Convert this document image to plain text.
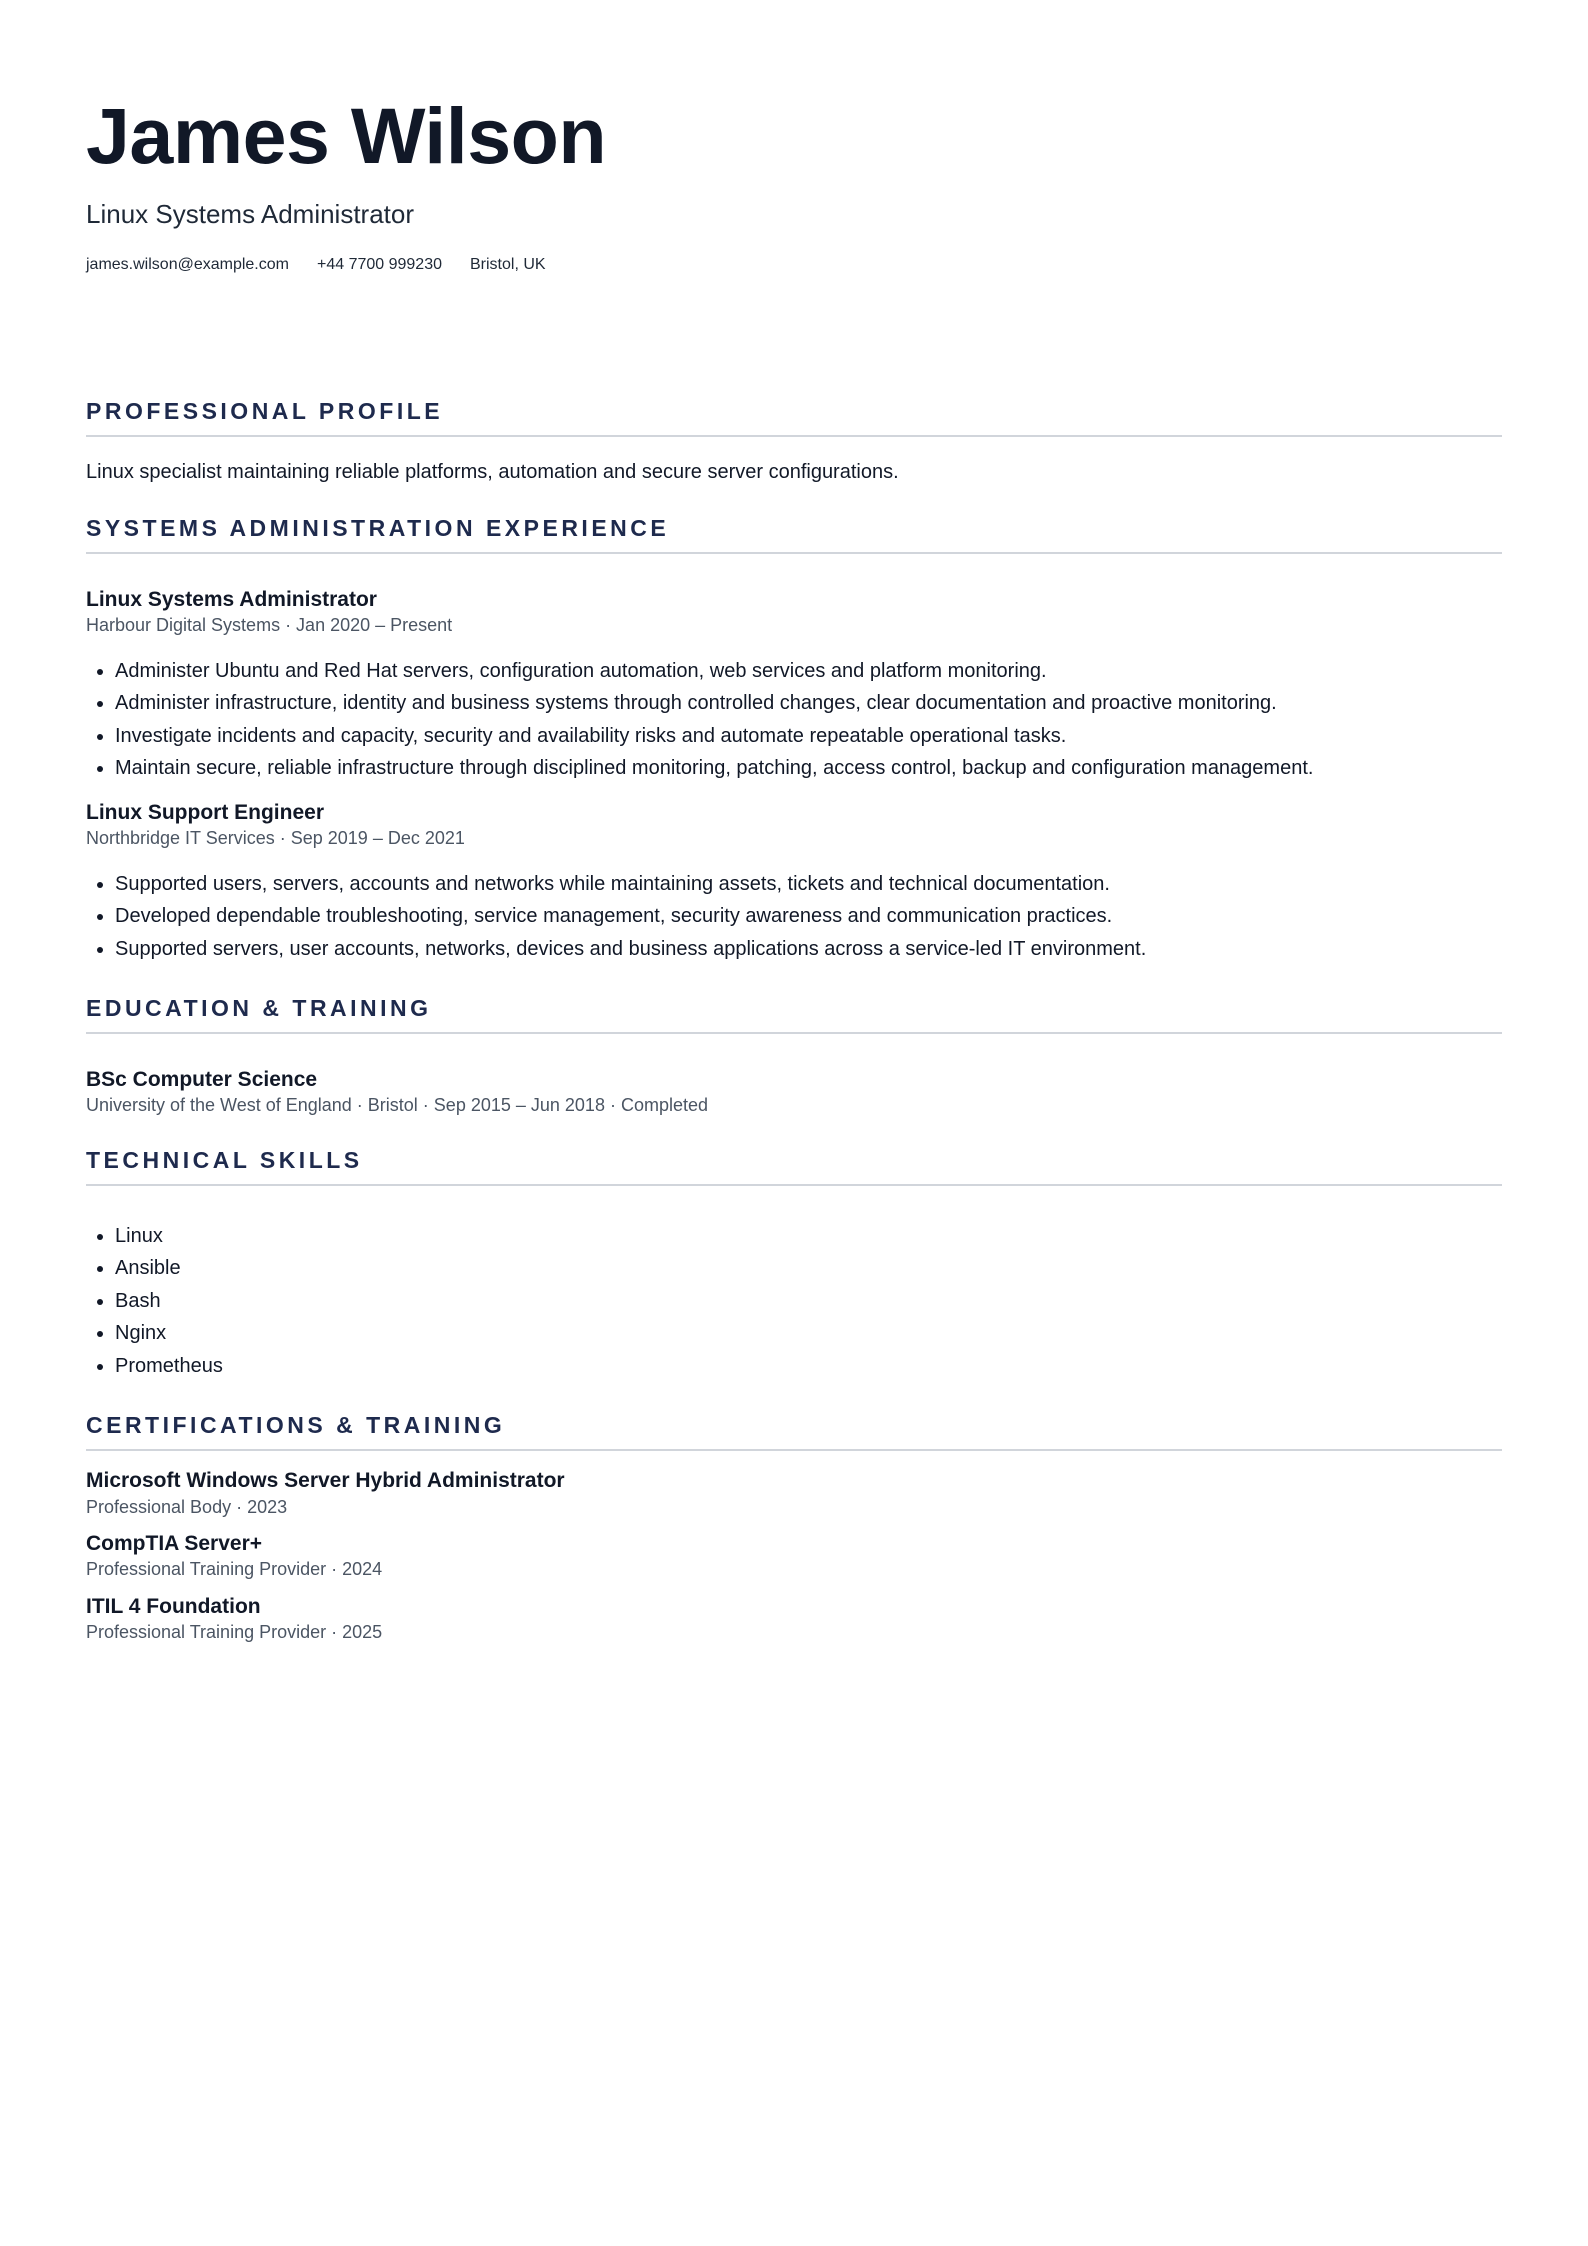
James Wilson
Linux Systems Administrator
james.wilson@example.com +44 7700 999230 Bristol, UK
PROFESSIONAL PROFILE
Linux specialist maintaining reliable platforms, automation and secure server configurations.
SYSTEMS ADMINISTRATION EXPERIENCE
Linux Systems Administrator
Harbour Digital Systems · Jan 2020 – Present
• Administer Ubuntu and Red Hat servers, configuration automation, web services and platform monitoring.
• Administer infrastructure, identity and business systems through controlled changes, clear documentation and proactive monitoring.
• Investigate incidents and capacity, security and availability risks and automate repeatable operational tasks.
• Maintain secure, reliable infrastructure through disciplined monitoring, patching, access control, backup and configuration management.
Linux Support Engineer
Northbridge IT Services · Sep 2019 – Dec 2021
• Supported users, servers, accounts and networks while maintaining assets, tickets and technical documentation.
• Developed dependable troubleshooting, service management, security awareness and communication practices.
• Supported servers, user accounts, networks, devices and business applications across a service-led IT environment.
EDUCATION & TRAINING
BSc Computer Science
University of the West of England · Bristol · Sep 2015 – Jun 2018 · Completed
TECHNICAL SKILLS
• Linux
• Ansible
• Bash
• Nginx
• Prometheus
CERTIFICATIONS & TRAINING
Microsoft Windows Server Hybrid Administrator
Professional Body · 2023
CompTIA Server+
Professional Training Provider · 2024
ITIL 4 Foundation
Professional Training Provider · 2025
